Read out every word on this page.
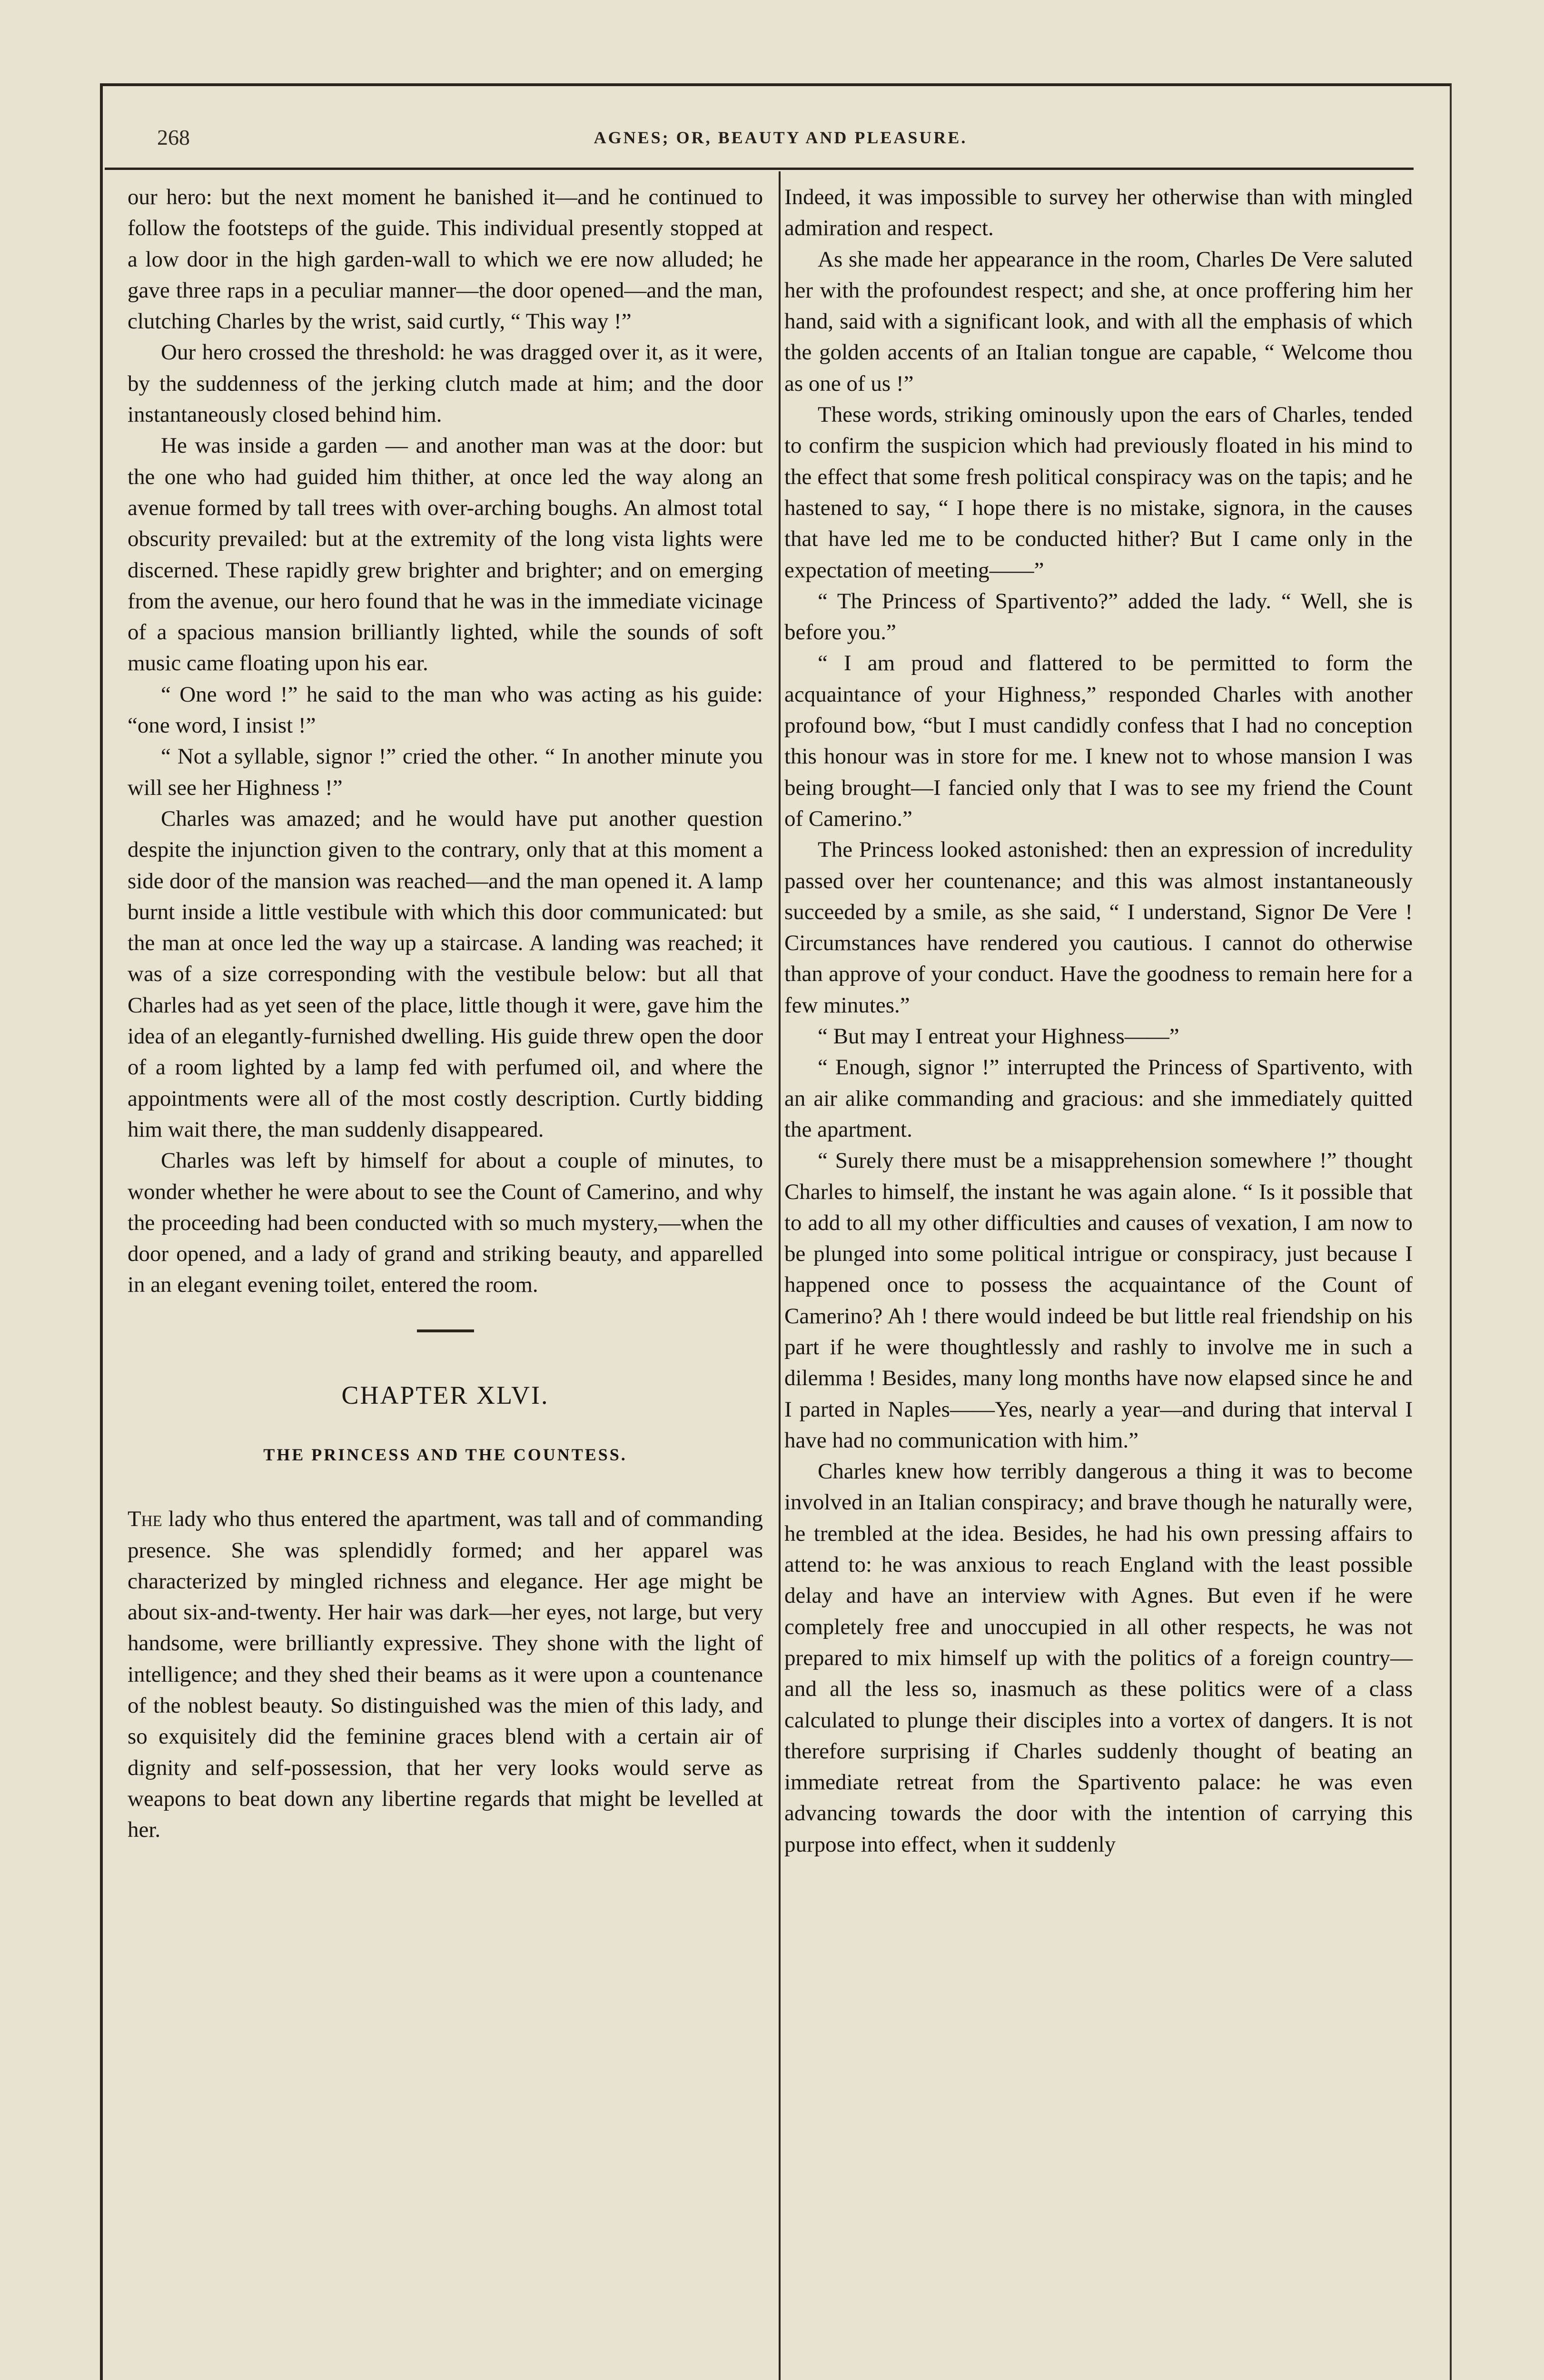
268	AGNES; OR, BEAUTY AND PLEASURE.

our hero: but the next moment he banished it—and he continued to follow the footsteps of the guide. This individual presently stopped at a low door in the high garden-wall to which we ere now alluded; he gave three raps in a peculiar manner—the door opened—and the man, clutching Charles by the wrist, said curtly, “ This way !”

Our hero crossed the threshold: he was dragged over it, as it were, by the suddenness of the jerking clutch made at him; and the door instantaneously closed behind him.

He was inside a garden — and another man was at the door: but the one who had guided him thither, at once led the way along an avenue formed by tall trees with over-arching boughs. An almost total obscurity prevailed: but at the extremity of the long vista lights were discerned. These rapidly grew brighter and brighter; and on emerging from the avenue, our hero found that he was in the immediate vicinage of a spacious mansion brilliantly lighted, while the sounds of soft music came floating upon his ear.

“ One word !” he said to the man who was acting as his guide: “one word, I insist !”

“ Not a syllable, signor !” cried the other. “ In another minute you will see her Highness !”

Charles was amazed; and he would have put another question despite the injunction given to the contrary, only that at this moment a side door of the mansion was reached—and the man opened it. A lamp burnt inside a little vestibule with which this door communicated: but the man at once led the way up a staircase. A landing was reached; it was of a size corresponding with the vestibule below: but all that Charles had as yet seen of the place, little though it were, gave him the idea of an elegantly-furnished dwelling. His guide threw open the door of a room lighted by a lamp fed with perfumed oil, and where the appointments were all of the most costly description. Curtly bidding him wait there, the man suddenly disappeared.

Charles was left by himself for about a couple of minutes, to wonder whether he were about to see the Count of Camerino, and why the proceeding had been conducted with so much mystery,—when the door opened, and a lady of grand and striking beauty, and apparelled in an elegant evening toilet, entered the room.

CHAPTER XLVI.
THE PRINCESS AND THE COUNTESS.

The lady who thus entered the apartment, was tall and of commanding presence. She was splendidly formed; and her apparel was characterized by mingled richness and elegance. Her age might be about six-and-twenty. Her hair was dark—her eyes, not large, but very handsome, were brilliantly expressive. They shone with the light of intelligence; and they shed their beams as it were upon a countenance of the noblest beauty. So distinguished was the mien of this lady, and so exquisitely did the feminine graces blend with a certain air of dignity and self-possession, that her very looks would serve as weapons to beat down any libertine regards that might be levelled at her.

Indeed, it was impossible to survey her otherwise than with mingled admiration and respect.

As she made her appearance in the room, Charles De Vere saluted her with the profoundest respect; and she, at once proffering him her hand, said with a significant look, and with all the emphasis of which the golden accents of an Italian tongue are capable, “ Welcome thou as one of us !”

These words, striking ominously upon the ears of Charles, tended to confirm the suspicion which had previously floated in his mind to the effect that some fresh political conspiracy was on the tapis; and he hastened to say, “ I hope there is no mistake, signora, in the causes that have led me to be conducted hither? But I came only in the expectation of meeting——”

“ The Princess of Spartivento?” added the lady. “ Well, she is before you.”

“ I am proud and flattered to be permitted to form the acquaintance of your Highness,” responded Charles with another profound bow, “but I must candidly confess that I had no conception this honour was in store for me. I knew not to whose mansion I was being brought—I fancied only that I was to see my friend the Count of Camerino.”

The Princess looked astonished: then an expression of incredulity passed over her countenance; and this was almost instantaneously succeeded by a smile, as she said, “ I understand, Signor De Vere ! Circumstances have rendered you cautious. I cannot do otherwise than approve of your conduct. Have the goodness to remain here for a few minutes.”

“ But may I entreat your Highness——”

“ Enough, signor !” interrupted the Princess of Spartivento, with an air alike commanding and gracious: and she immediately quitted the apartment.

“ Surely there must be a misapprehension somewhere !” thought Charles to himself, the instant he was again alone. “ Is it possible that to add to all my other difficulties and causes of vexation, I am now to be plunged into some political intrigue or conspiracy, just because I happened once to possess the acquaintance of the Count of Camerino? Ah ! there would indeed be but little real friendship on his part if he were thoughtlessly and rashly to involve me in such a dilemma ! Besides, many long months have now elapsed since he and I parted in Naples——Yes, nearly a year—and during that interval I have had no communication with him.”

Charles knew how terribly dangerous a thing it was to become involved in an Italian conspiracy; and brave though he naturally were, he trembled at the idea. Besides, he had his own pressing affairs to attend to: he was anxious to reach England with the least possible delay and have an interview with Agnes. But even if he were completely free and unoccupied in all other respects, he was not prepared to mix himself up with the politics of a foreign country—and all the less so, inasmuch as these politics were of a class calculated to plunge their disciples into a vortex of dangers. It is not therefore surprising if Charles suddenly thought of beating an immediate retreat from the Spartivento palace: he was even advancing towards the door with the intention of carrying this purpose into effect, when it suddenly
